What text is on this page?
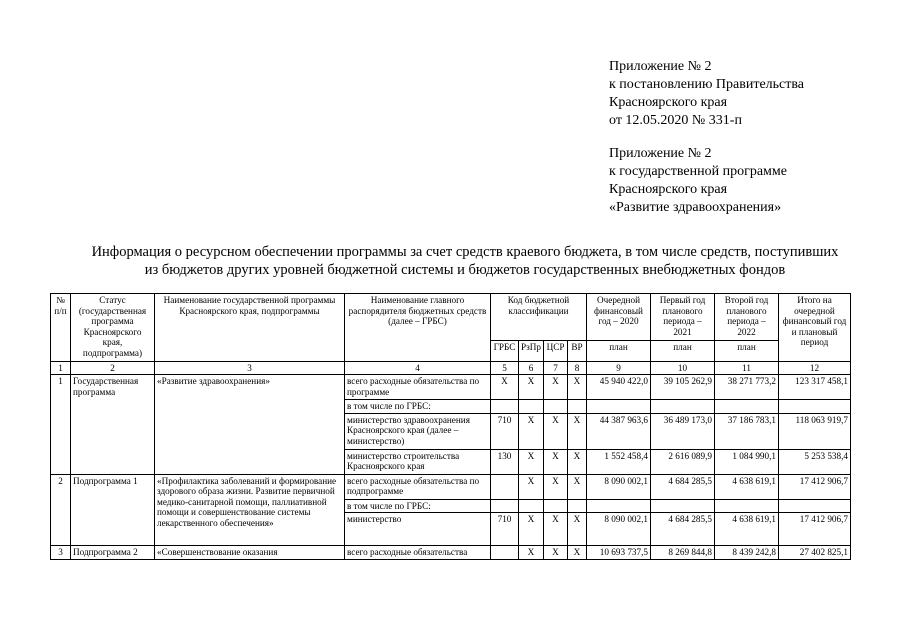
Приложение № 2
к постановлению Правительства
Красноярского края
от 12.05.2020 № 331-п
Приложение № 2
к государственной программе
Красноярского края
«Развитие здравоохранения»
Информация о ресурсном обеспечении программы за счет средств краевого бюджета, в том числе средств, поступивших
из бюджетов других уровней бюджетной системы и бюджетов государственных внебюджетных фондов
№ п/п	Статус (государственная программа Красноярского края, подпрограмма)	Наименование государственной программы Красноярского края, подпрограммы	Наименование главного распорядителя бюджетных средств (далее – ГРБС)	Код бюджетной классификации				Очередной финансовый год – 2020	Первый год планового периода – 2021	Второй год планового периода – 2022	Итого на очередной финансовый год и плановый период
				ГРБС	РзПр	ЦСР	ВР	план	план	план	
1	2	3	4	5	6	7	8	9	10	11	12
1	Государственная программа	«Развитие здравоохранения»	всего расходные обязательства по программе	X	X	X	X	45 940 422,0	39 105 262,9	38 271 773,2	123 317 458,1
			в том числе по ГРБС:								
			министерство здравоохранения Красноярского края (далее – министерство)	710	X	X	X	44 387 963,6	36 489 173,0	37 186 783,1	118 063 919,7
			министерство строительства Красноярского края	130	X	X	X	1 552 458,4	2 616 089,9	1 084 990,1	5 253 538,4
2	Подпрограмма 1	«Профилактика заболеваний и формирование здорового образа жизни. Развитие первичной медико-санитарной помощи, паллиативной помощи и совершенствование системы лекарственного обеспечения»	всего расходные обязательства по подпрограмме		X	X	X	8 090 002,1	4 684 285,5	4 638 619,1	17 412 906,7
			в том числе по ГРБС:								
			министерство	710	X	X	X	8 090 002,1	4 684 285,5	4 638 619,1	17 412 906,7
3	Подпрограмма 2	«Совершенствование оказания	всего расходные обязательства		X	X	X	10 693 737,5	8 269 844,8	8 439 242,8	27 402 825,1
